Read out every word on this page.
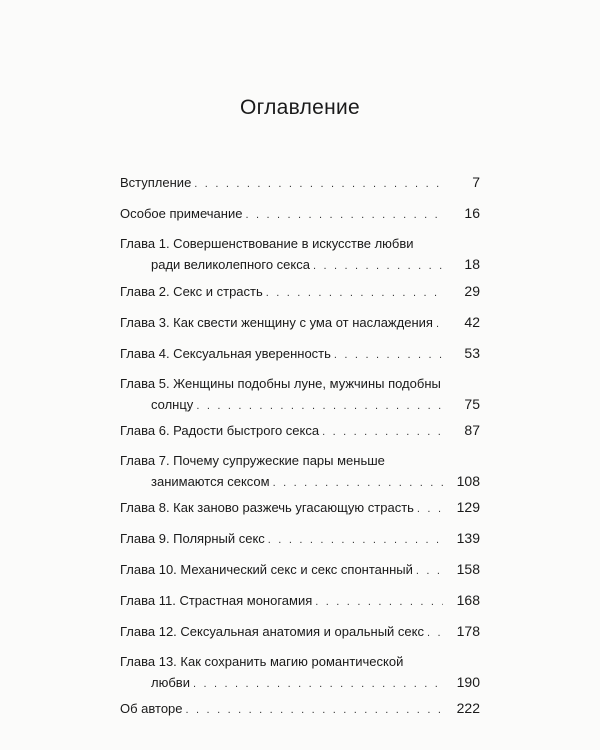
Оглавление
Вступление . . .	7
Особое примечание . . .	16
Глава 1. Совершенствование в искусстве любви
ради великолепного секса . . .	18
Глава 2. Секс и страсть . . .	29
Глава 3. Как свести женщину с ума от наслаждения . . .	42
Глава 4. Сексуальная уверенность . . .	53
Глава 5. Женщины подобны луне, мужчины подобны
солнцу . . .	75
Глава 6. Радости быстрого секса . . .	87
Глава 7. Почему супружеские пары меньше
занимаются сексом . . .	108
Глава 8. Как заново разжечь угасающую страсть . . .	129
Глава 9. Полярный секс . . .	139
Глава 10. Механический секс и секс спонтанный . . .	158
Глава 11. Страстная моногамия . . .	168
Глава 12. Сексуальная анатомия и оральный секс . . .	178
Глава 13. Как сохранить магию романтической
любви . . .	190
Об авторе . . .	222
